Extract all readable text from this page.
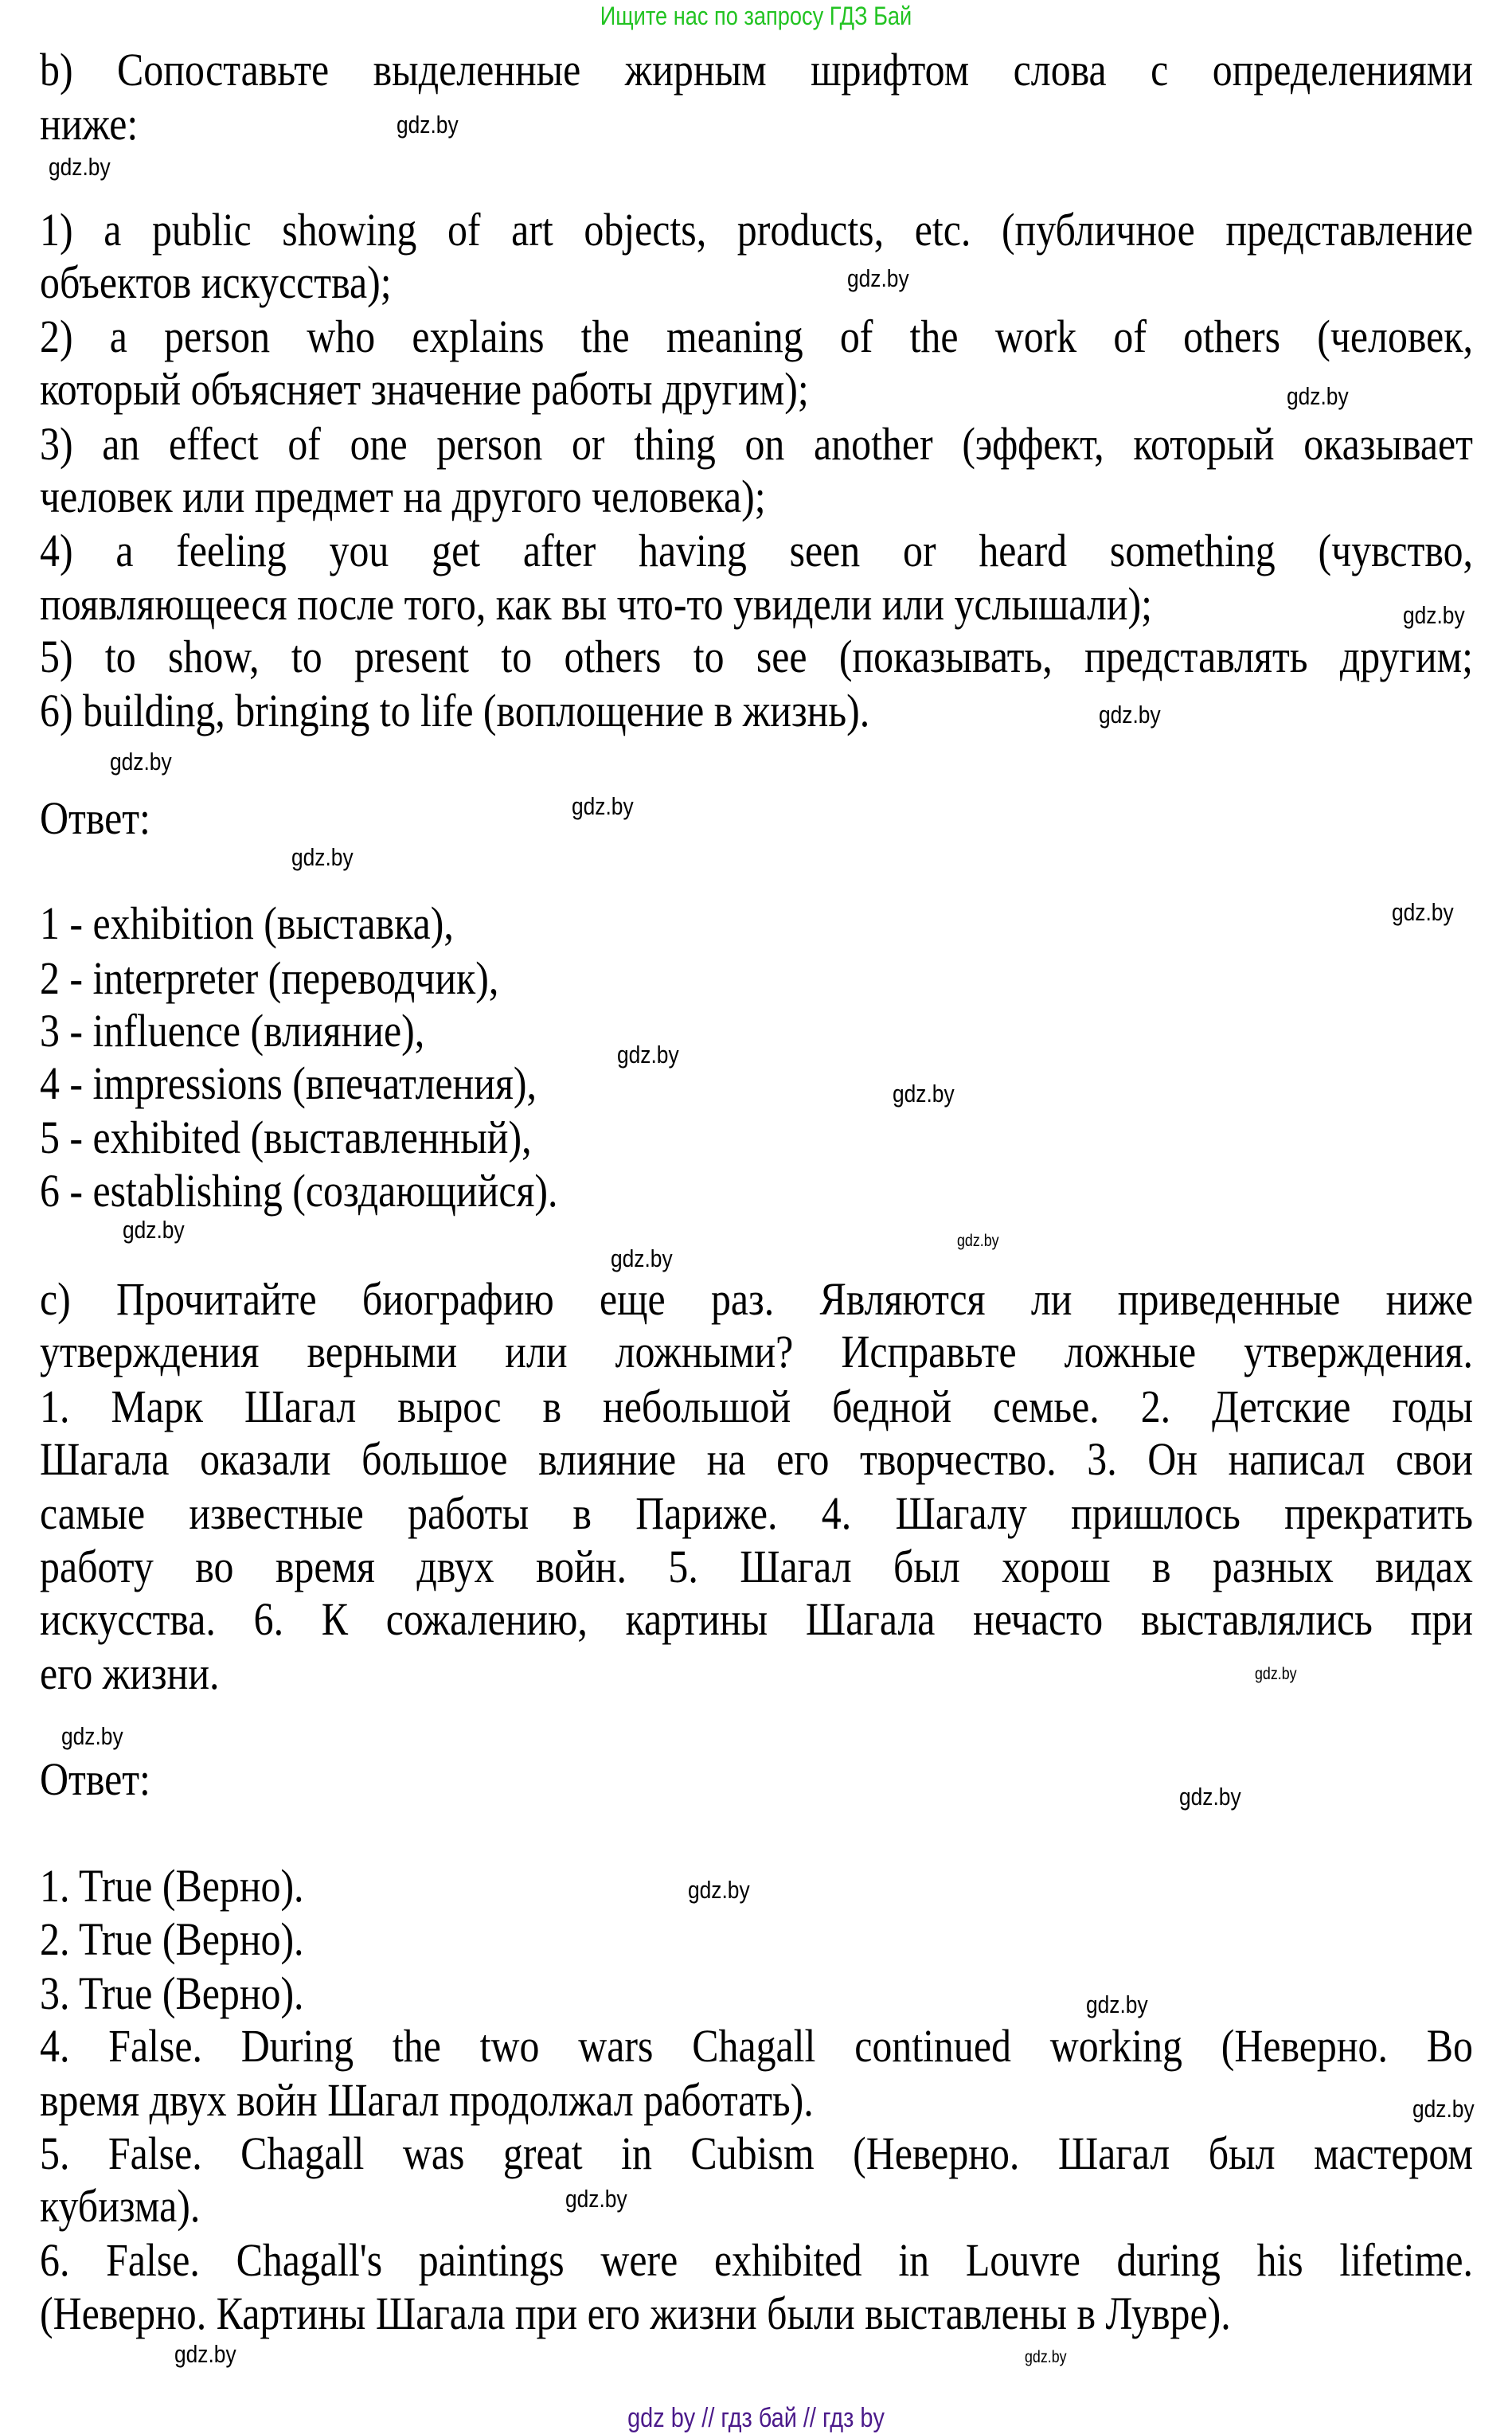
Ищите нас по запросу ГДЗ Бай
b) Сопоставьте выделенные жирным шрифтом слова с определениями
ниже:
1) a public showing of art objects, products, etc. (публичное представление
объектов искусства);
2) a person who explains the meaning of the work of others (человек,
который объясняет значение работы другим);
3) an effect of one person or thing on another (эффект, который оказывает
человек или предмет на другого человека);
4) a feeling you get after having seen or heard something (чувство,
появляющееся после того, как вы что-то увидели или услышали);
5) to show, to present to others to see (показывать, представлять другим;
6) building, bringing to life (воплощение в жизнь).
Ответ:
1 - exhibition (выставка),
2 - interpreter (переводчик),
3 - influence (влияние),
4 - impressions (впечатления),
5 - exhibited (выставленный),
6 - establishing (создающийся).
c) Прочитайте биографию еще раз. Являются ли приведенные ниже
утверждения верными или ложными? Исправьте ложные утверждения.
1. Марк Шагал вырос в небольшой бедной семье. 2. Детские годы
Шагала оказали большое влияние на его творчество. 3. Он написал свои
самые известные работы в Париже. 4. Шагалу пришлось прекратить
работу во время двух войн. 5. Шагал был хорош в разных видах
искусства. 6. К сожалению, картины Шагала нечасто выставлялись при
его жизни.
Ответ:
1. True (Верно).
2. True (Верно).
3. True (Верно).
4. False. During the two wars Chagall continued working (Неверно. Во
время двух войн Шагал продолжал работать).
5. False. Chagall was great in Cubism (Неверно. Шагал был мастером
кубизма).
6. False. Chagall's paintings were exhibited in Louvre during his lifetime.
(Неверно. Картины Шагала при его жизни были выставлены в Лувре).
gdz.by
gdz.by
gdz.by
gdz.by
gdz.by
gdz.by
gdz.by
gdz.by
gdz.by
gdz.by
gdz.by
gdz.by
gdz.by
gdz.by
gdz.by
gdz.by
gdz.by
gdz.by
gdz.by
gdz.by
gdz.by
gdz.by
gdz.by
gdz.by
gdz by // гдз бай // гдз by
